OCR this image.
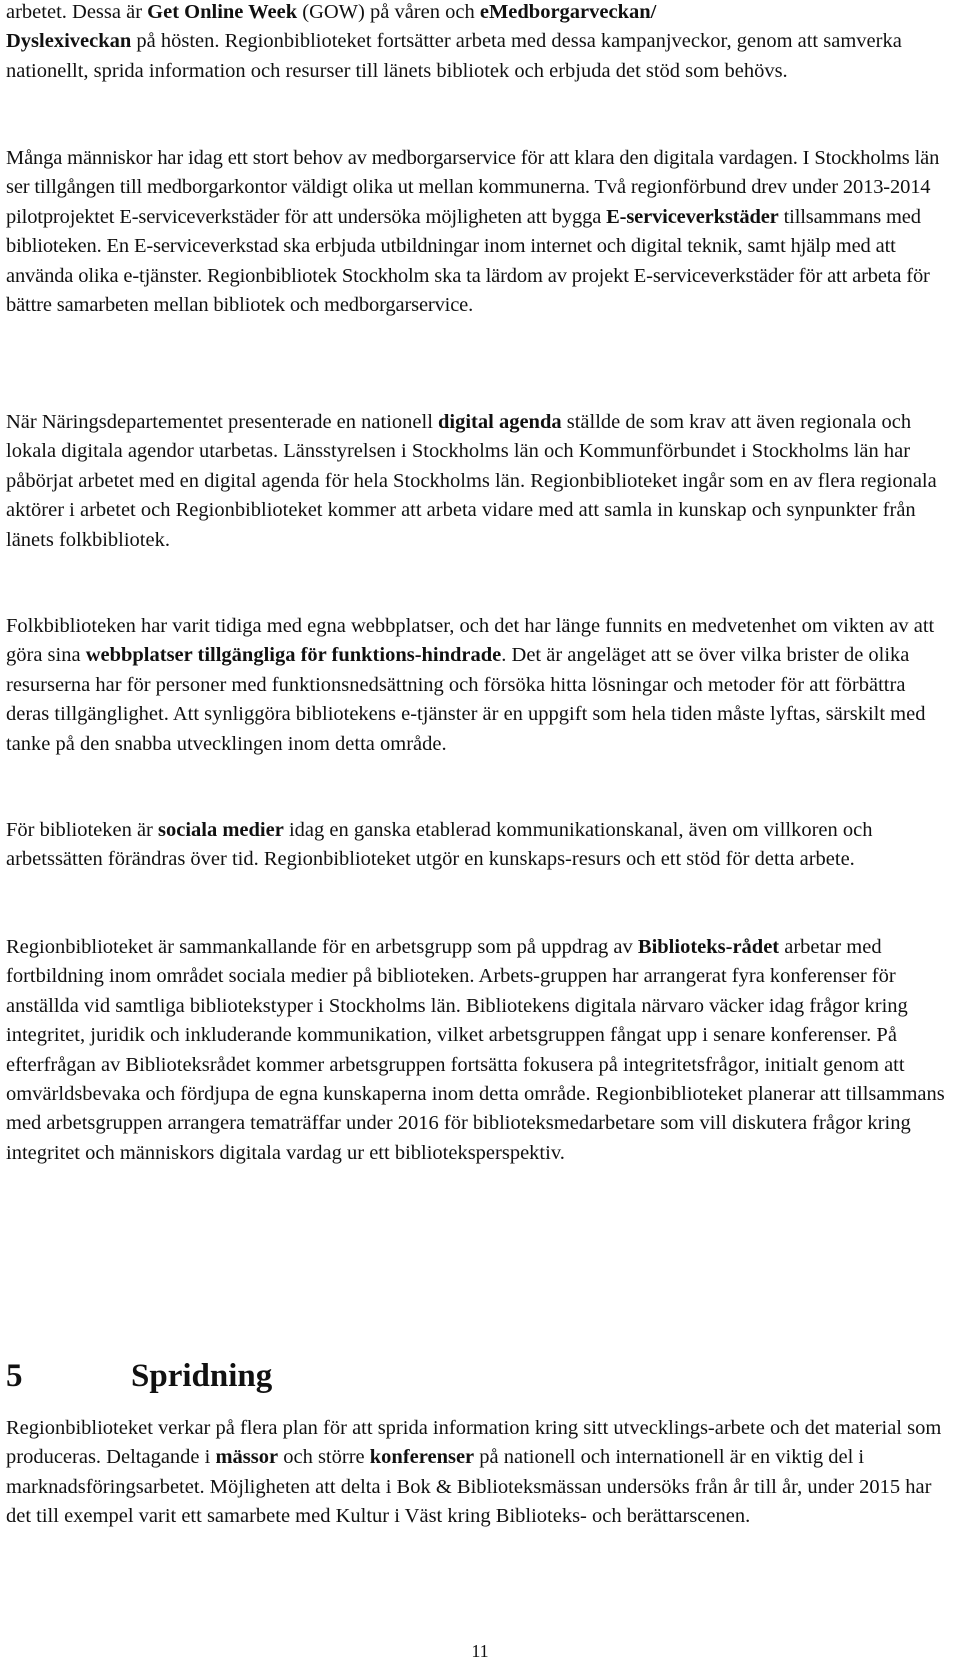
arbetet. Dessa är Get Online Week (GOW) på våren och eMedborgarveckan/
Dyslexiveckan på hösten. Regionbiblioteket fortsätter arbeta med dessa kampanjveckor, genom att samverka nationellt, sprida information och resurser till länets bibliotek och erbjuda det stöd som behövs.

Många människor har idag ett stort behov av medborgarservice för att klara den digitala vardagen. I Stockholms län ser tillgången till medborgarkontor väldigt olika ut mellan kommunerna. Två regionförbund drev under 2013-2014 pilotprojektet E-serviceverkstäder för att undersöka möjligheten att bygga E-serviceverkstäder tillsammans med biblioteken. En E-serviceverkstad ska erbjuda utbildningar inom internet och digital teknik, samt hjälp med att använda olika e-tjänster. Regionbibliotek Stockholm ska ta lärdom av projekt E-serviceverkstäder för att arbeta för bättre samarbeten mellan bibliotek och medborgarservice.

När Näringsdepartementet presenterade en nationell digital agenda ställde de som krav att även regionala och lokala digitala agendor utarbetas. Länsstyrelsen i Stockholms län och Kommunförbundet i Stockholms län har påbörjat arbetet med en digital agenda för hela Stockholms län. Regionbiblioteket ingår som en av flera regionala aktörer i arbetet och Regionbiblioteket kommer att arbeta vidare med att samla in kunskap och synpunkter från länets folkbibliotek.

Folkbiblioteken har varit tidiga med egna webbplatser, och det har länge funnits en medvetenhet om vikten av att göra sina webbplatser tillgängliga för funktions-hindrade. Det är angeläget att se över vilka brister de olika resurserna har för personer med funktionsnedsättning och försöka hitta lösningar och metoder för att förbättra deras tillgänglighet. Att synliggöra bibliotekens e-tjänster är en uppgift som hela tiden måste lyftas, särskilt med tanke på den snabba utvecklingen inom detta område.

För biblioteken är sociala medier idag en ganska etablerad kommunikationskanal, även om villkoren och arbetssätten förändras över tid. Regionbiblioteket utgör en kunskaps-resurs och ett stöd för detta arbete.

Regionbiblioteket är sammankallande för en arbetsgrupp som på uppdrag av Biblioteks-rådet arbetar med fortbildning inom området sociala medier på biblioteken. Arbets-gruppen har arrangerat fyra konferenser för anställda vid samtliga bibliotekstyper i Stockholms län. Bibliotekens digitala närvaro väcker idag frågor kring integritet, juridik och inkluderande kommunikation, vilket arbetsgruppen fångat upp i senare konferenser. På efterfrågan av Biblioteksrådet kommer arbetsgruppen fortsätta fokusera på integritetsfrågor, initialt genom att omvärldsbevaka och fördjupa de egna kunskaperna inom detta område. Regionbiblioteket planerar att tillsammans med arbetsgruppen arrangera tematräffar under 2016 för biblioteksmedarbetare som vill diskutera frågor kring integritet och människors digitala vardag ur ett biblioteksperspektiv.

5	Spridning

Regionbiblioteket verkar på flera plan för att sprida information kring sitt utvecklings-arbete och det material som produceras. Deltagande i mässor och större konferenser på nationell och internationell är en viktig del i marknadsföringsarbetet. Möjligheten att delta i Bok & Biblioteksmässan undersöks från år till år, under 2015 har det till exempel varit ett samarbete med Kultur i Väst kring Biblioteks- och berättarscenen.

11
